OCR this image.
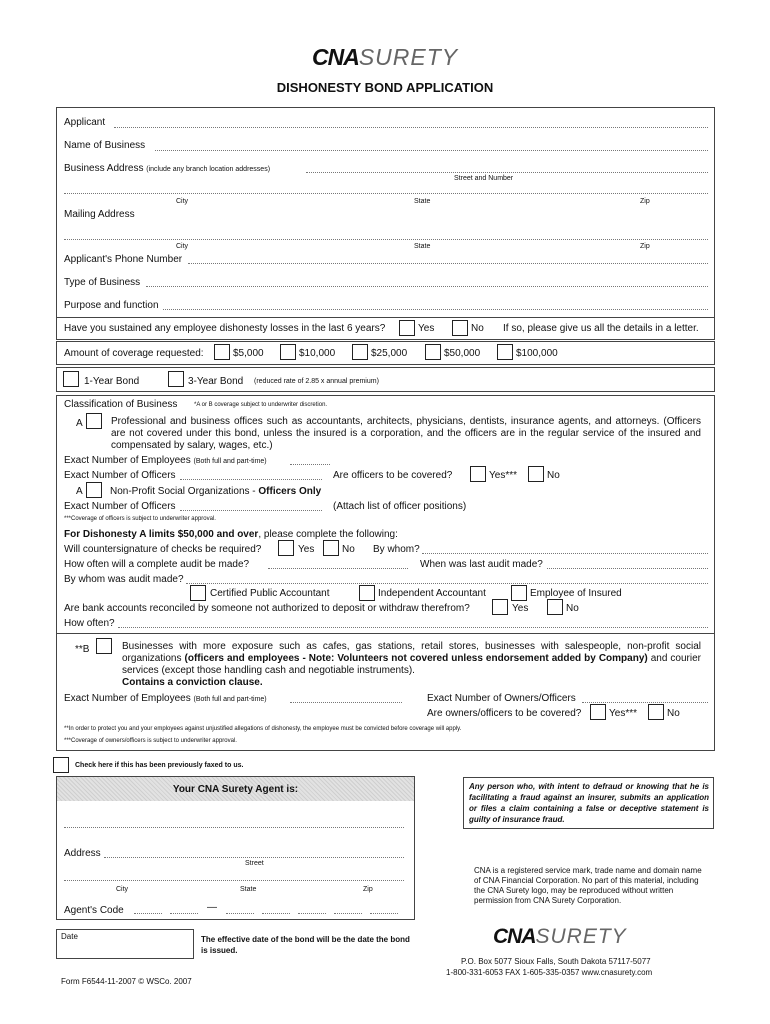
CNASURETY
DISHONESTY BOND APPLICATION
Applicant
Name of Business
Business Address (include any branch location addresses)
Street and Number
City	State	Zip
Mailing Address
City	State	Zip
Applicant's Phone Number
Type of Business
Purpose and function
Have you sustained any employee dishonesty losses in the last 6 years?	Yes	No If so, please give us all the details in a letter.
Amount of coverage requested:	$5,000	$10,000	$25,000	$50,000	$100,000
1-Year Bond	3-Year Bond (reduced rate of 2.85 x annual premium)
Classification of Business	*A or B coverage subject to underwriter discretion.
A	Professional and business offices such as accountants, architects, physicians, dentists, insurance agents, and attorneys. (Officers are not covered under this bond, unless the insured is a corporation, and the officers are in the regular service of the insured and compensated by salary, wages, etc.)
Exact Number of Employees (Both full and part-time)
Exact Number of Officers	Are officers to be covered?	Yes***	No
A	Non-Profit Social Organizations - Officers Only
Exact Number of Officers	(Attach list of officer positions)
***Coverage of officers is subject to underwriter approval.
For Dishonesty A limits $50,000 and over, please complete the following:
Will countersignature of checks be required?	Yes	No By whom?
How often will a complete audit be made?	When was last audit made?
By whom was audit made?
Certified Public Accountant	Independent Accountant	Employee of Insured
Are bank accounts reconciled by someone not authorized to deposit or withdraw therefrom?	Yes	No
How often?
**B	Businesses with more exposure such as cafes, gas stations, retail stores, businesses with salespeople, non-profit social organizations (officers and employees - Note: Volunteers not covered unless endorsement added by Company) and courier services (except those handling cash and negotiable instruments).
Contains a conviction clause.
Exact Number of Employees (Both full and part-time)	Exact Number of Owners/Officers
Are owners/officers to be covered?	Yes***	No
**In order to protect you and your employees against unjustified allegations of dishonesty, the employee must be convicted before coverage will apply.
***Coverage of owners/officers is subject to underwriter approval.
Check here if this has been previously faxed to us.
Your CNA Surety Agent is:
Address
Street
City	State	Zip
Agent's Code	—
Any person who, with intent to defraud or knowing that he is facilitating a fraud against an insurer, submits an application or files a claim containing a false or deceptive statement is guilty of insurance fraud.
CNA is a registered service mark, trade name and domain name of CNA Financial Corporation. No part of this material, including the CNA Surety logo, may be reproduced without written permission from CNA Surety Corporation.
Date	The effective date of the bond will be the date the bond is issued.
CNASURETY
P.O. Box 5077 Sioux Falls, South Dakota 57117-5077
1-800-331-6053 FAX 1-605-335-0357 www.cnasurety.com
Form F6544-11-2007 © WSCo. 2007
